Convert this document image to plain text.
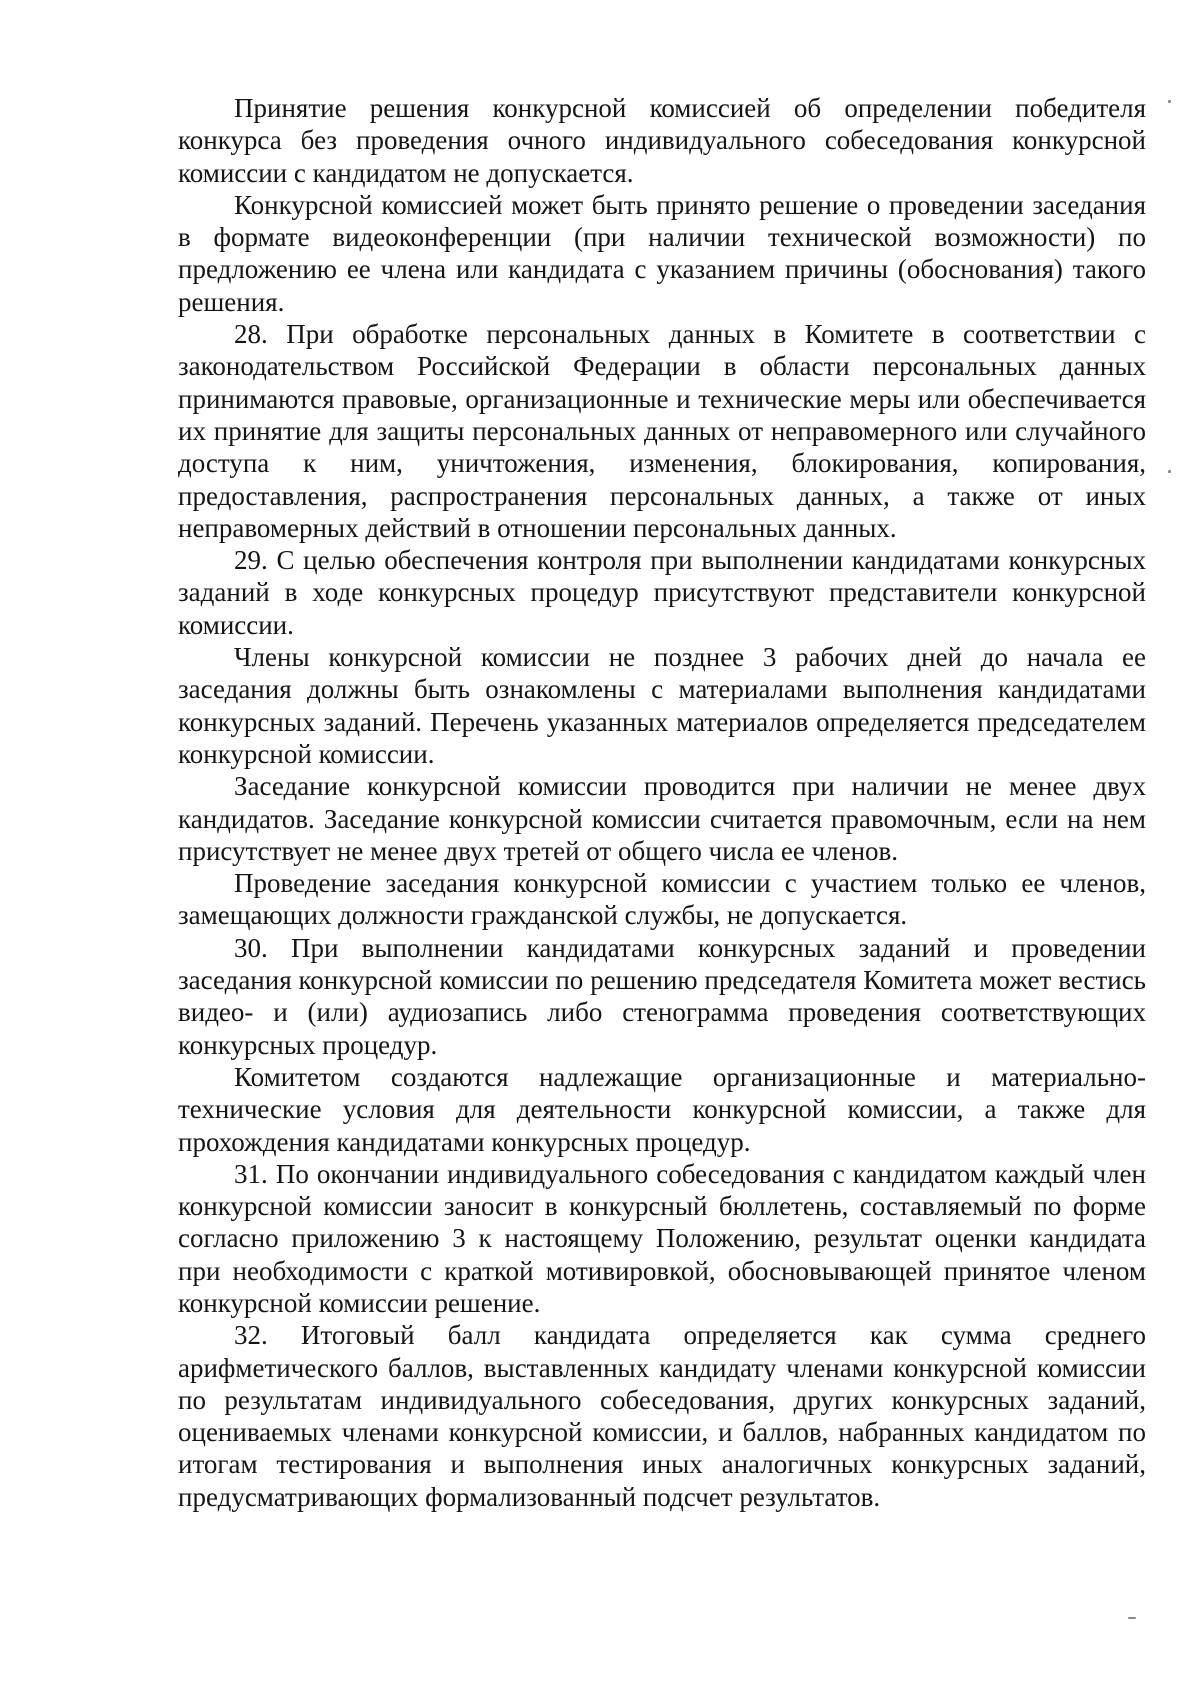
Принятие решения конкурсной комиссией об определении победителя конкурса без проведения очного индивидуального собеседования конкурсной комиссии с кандидатом не допускается.

Конкурсной комиссией может быть принято решение о проведении заседания в формате видеоконференции (при наличии технической возможности) по предложению ее члена или кандидата с указанием причины (обоснования) такого решения.

28. При обработке персональных данных в Комитете в соответствии с законодательством Российской Федерации в области персональных данных принимаются правовые, организационные и технические меры или обеспечивается их принятие для защиты персональных данных от неправомерного или случайного доступа к ним, уничтожения, изменения, блокирования, копирования, предоставления, распространения персональных данных, а также от иных неправомерных действий в отношении персональных данных.

29. С целью обеспечения контроля при выполнении кандидатами конкурсных заданий в ходе конкурсных процедур присутствуют представители конкурсной комиссии.

Члены конкурсной комиссии не позднее 3 рабочих дней до начала ее заседания должны быть ознакомлены с материалами выполнения кандидатами конкурсных заданий. Перечень указанных материалов определяется председателем конкурсной комиссии.

Заседание конкурсной комиссии проводится при наличии не менее двух кандидатов. Заседание конкурсной комиссии считается правомочным, если на нем присутствует не менее двух третей от общего числа ее членов.

Проведение заседания конкурсной комиссии с участием только ее членов, замещающих должности гражданской службы, не допускается.

30. При выполнении кандидатами конкурсных заданий и проведении заседания конкурсной комиссии по решению председателя Комитета может вестись видео- и (или) аудиозапись либо стенограмма проведения соответствующих конкурсных процедур.

Комитетом создаются надлежащие организационные и материально-технические условия для деятельности конкурсной комиссии, а также для прохождения кандидатами конкурсных процедур.

31. По окончании индивидуального собеседования с кандидатом каждый член конкурсной комиссии заносит в конкурсный бюллетень, составляемый по форме согласно приложению 3 к настоящему Положению, результат оценки кандидата при необходимости с краткой мотивировкой, обосновывающей принятое членом конкурсной комиссии решение.

32. Итоговый балл кандидата определяется как сумма среднего арифметического баллов, выставленных кандидату членами конкурсной комиссии по результатам индивидуального собеседования, других конкурсных заданий, оцениваемых членами конкурсной комиссии, и баллов, набранных кандидатом по итогам тестирования и выполнения иных аналогичных конкурсных заданий, предусматривающих формализованный подсчет результатов.
